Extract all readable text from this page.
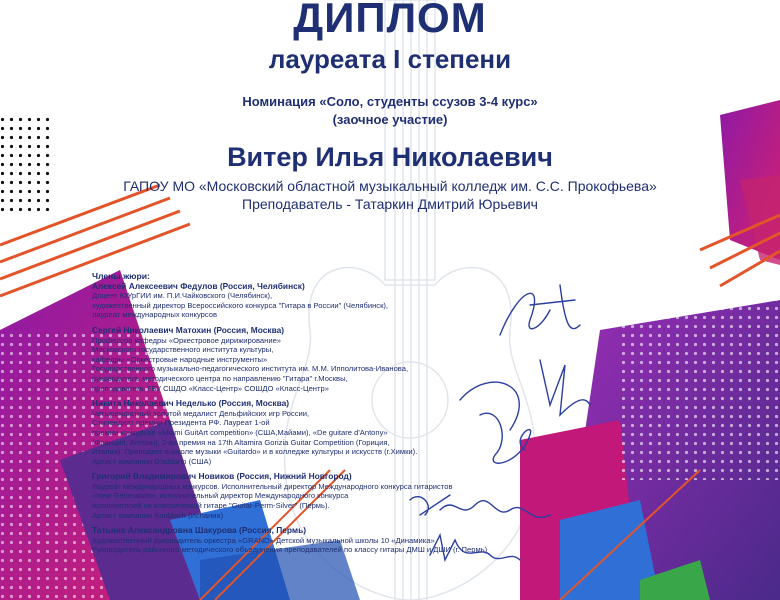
ДИПЛОМ
лауреата I степени
Номинация «Соло, студенты ссузов 3-4 курс»
(заочное участие)
Витер Илья Николаевич
ГАПОУ МО «Московский областной музыкальный колледж им. С.С. Прокофьева»
Преподаватель - Татаркин Дмитрий Юрьевич
Члены жюри:
Алексей Алексеевич Федулов (Россия, Челябинск)
Доцент ЮУрГИИ им. П.И.Чайковского (Челябинск),
художественный директор Всероссийского конкурса "Гитара в России" (Челябинск),
лауреат международных конкурсов
Сергей Николаевич Матохин (Россия, Москва)
Профессор кафедры «Оркестровое дирижирование»
Московского государственного института культуры,
кафедры «Оркестровые народные инструменты»
Государственного музыкально-педагогического института им. М.М. Ипполитова-Иванова,
руководитель методического центра по направлению "Гитара" г.Москвы,
преподаватель ГБУ СШДО «Класс-Центр» СОШДО «Класс-Центр»
Никита Николаевич Неделько (Россия, Москва)
Четырехкратный золотой медалист Дельфийских игр России,
Стипендиат премии Президента РФ. Лауреат 1-ой
премии конкурсов «Miami GuitArt competition» (США,Майами), «De guitare d'Antony»
(Франция, Антони), 2-ая премия на 17th Altamira Gorizia Guitar Competition (Гориция,
Италия). Преподает в школе музыки «Guitardo» и в колледже культуры и искусств (г.Химки).
Артист компании D'addario (США)
Григорий Владимирович Новиков (Россия, Нижний Новгород)
Лауреат международных конкурсов. Исполнительный директор Международного конкурса гитаристов
«New Generation», исполнительный директор Международного конкурса
исполнителей на классической гитаре "Guitar-Perm-Silver" (Пермь).
Артист компании Knobloch (Испания)
Татьяна Александровна Шакурова (Россия, Пермь)
Художественный руководитель оркестра «GRAND» Детской музыкальной школы 10 «Динамика»
Руководитель районного методического объединения преподавателей по классу гитары ДМШ и ДШИ (г. Пермь)
